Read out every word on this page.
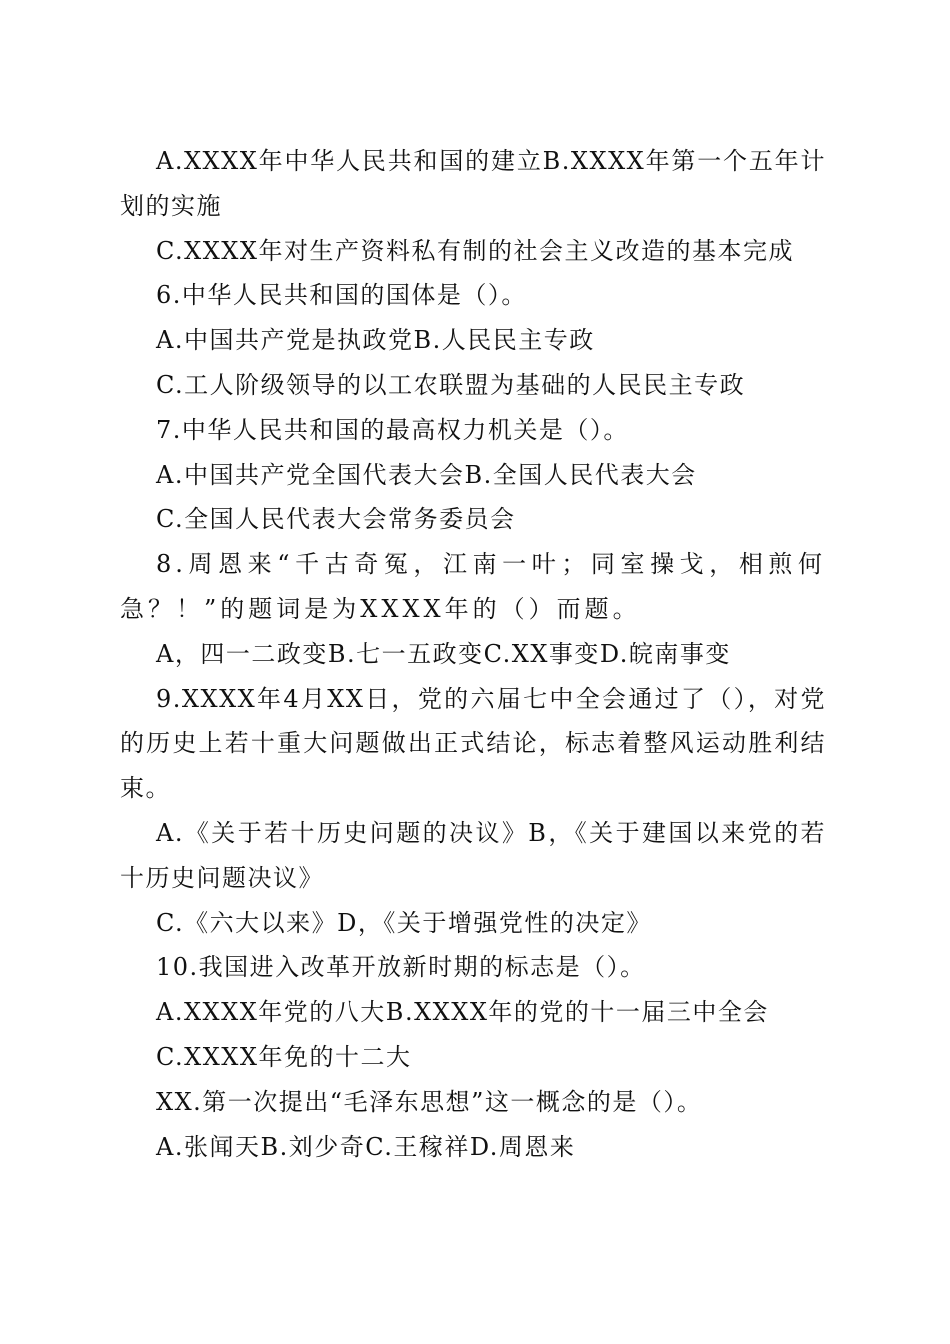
A.XXXX年中华人民共和国的建立B.XXXX年第一个五年计划的实施

C.XXXX年对生产资料私有制的社会主义改造的基本完成

6.中华人民共和国的国体是（）。

A.中国共产党是执政党B.人民民主专政

C.工人阶级领导的以工农联盟为基础的人民民主专政

7.中华人民共和国的最高权力机关是（）。

A.中国共产党全国代表大会B.全国人民代表大会

C.全国人民代表大会常务委员会

8.周恩来“千古奇冤，江南一叶；同室操戈，相煎何急？！”的题词是为XXXX年的（）而题。

A，四一二政变B.七一五政变C.XX事变D.皖南事变

9.XXXX年4月XX日，党的六届七中全会通过了（），对党的历史上若十重大问题做出正式结论，标志着整风运动胜利结束。

A.《关于若十历史问题的决议》B，《关于建国以来党的若十历史问题决议》

C.《六大以来》D，《关于增强党性的决定》

10.我国进入改革开放新时期的标志是（）。

A.XXXX年党的八大B.XXXX年的党的十一届三中全会

C.XXXX年免的十二大

XX.第一次提出“毛泽东思想”这一概念的是（）。

A.张闻天B.刘少奇C.王稼祥D.周恩来
